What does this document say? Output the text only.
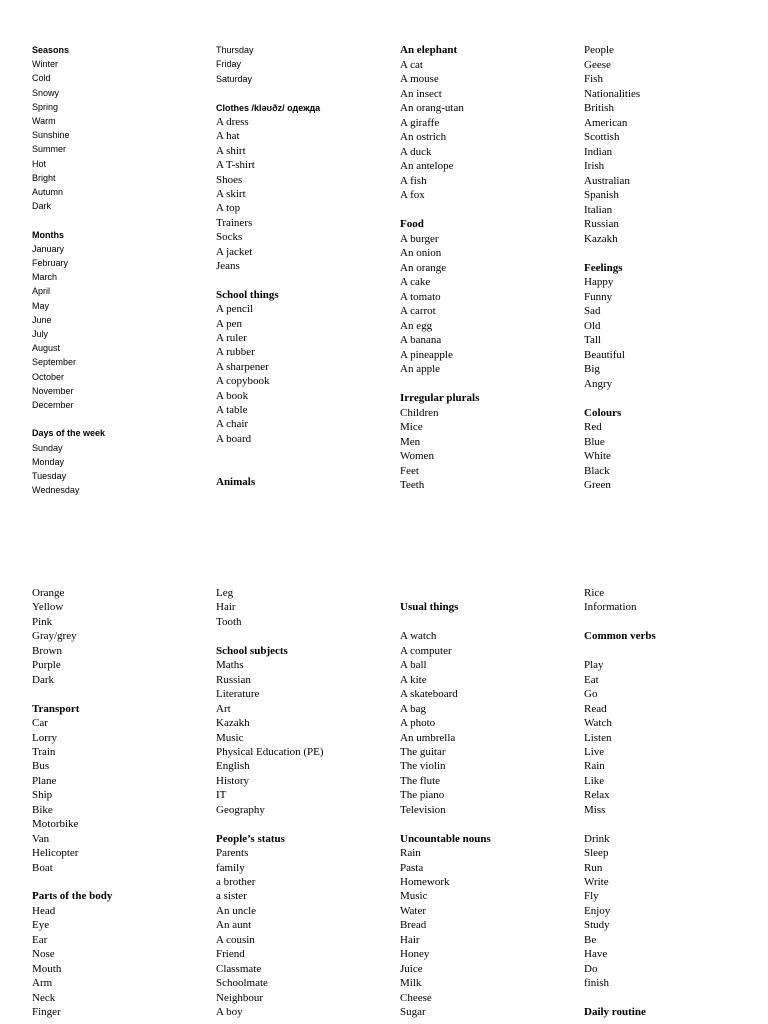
Seasons
Winter
Cold
Snowy
Spring
Warm
Sunshine
Summer
Hot
Bright
Autumn
Dark
Months
January
February
March
April
May
June
July
August
September
October
November
December
Days of the week
Sunday
Monday
Tuesday
Wednesday
Thursday
Friday
Saturday
Clothes /kləʊðz/ одежда
A dress
A hat
A shirt
A T-shirt
Shoes
A skirt
A top
Trainers
Socks
A jacket
Jeans
School things
A pencil
A pen
A ruler
A rubber
A sharpener
A copybook
A book
A table
A chair
A board
Animals
An elephant
A cat
A mouse
An insect
An orang-utan
A giraffe
An ostrich
A duck
An antelope
A fish
A fox
Food
A burger
An onion
An orange
A cake
A tomato
A carrot
An egg
A banana
A pineapple
An apple
Irregular plurals
Children
Mice
Men
Women
Feet
Teeth
People
Geese
Fish
Nationalities
British
American
Scottish
Indian
Irish
Australian
Spanish
Italian
Russian
Kazakh
Feelings
Happy
Funny
Sad
Old
Tall
Beautiful
Big
Angry
Colours
Red
Blue
White
Black
Green
Orange
Yellow
Pink
Gray/grey
Brown
Purple
Dark
Transport
Car
Lorry
Train
Bus
Plane
Ship
Bike
Motorbike
Van
Helicopter
Boat
Parts of the body
Head
Eye
Ear
Nose
Mouth
Arm
Neck
Finger
Leg
Hair
Tooth
School subjects
Maths
Russian
Literature
Art
Kazakh
Music
Physical Education (PE)
English
History
IT
Geography
People’s status
Parents
family
a brother
a sister
An uncle
An aunt
A cousin
Friend
Classmate
Schoolmate
Neighbour
A boy
Usual things
A watch
A computer
A ball
A kite
A skateboard
A bag
A photo
An umbrella
The guitar
The violin
The flute
The piano
Television
Uncountable nouns
Rain
Pasta
Homework
Music
Water
Bread
Hair
Honey
Juice
Milk
Cheese
Sugar
Rice
Information
Common verbs
Play
Eat
Go
Read
Watch
Listen
Live
Rain
Like
Relax
Miss
Drink
Sleep
Run
Write
Fly
Enjoy
Study
Be
Have
Do
finish
Daily routine
